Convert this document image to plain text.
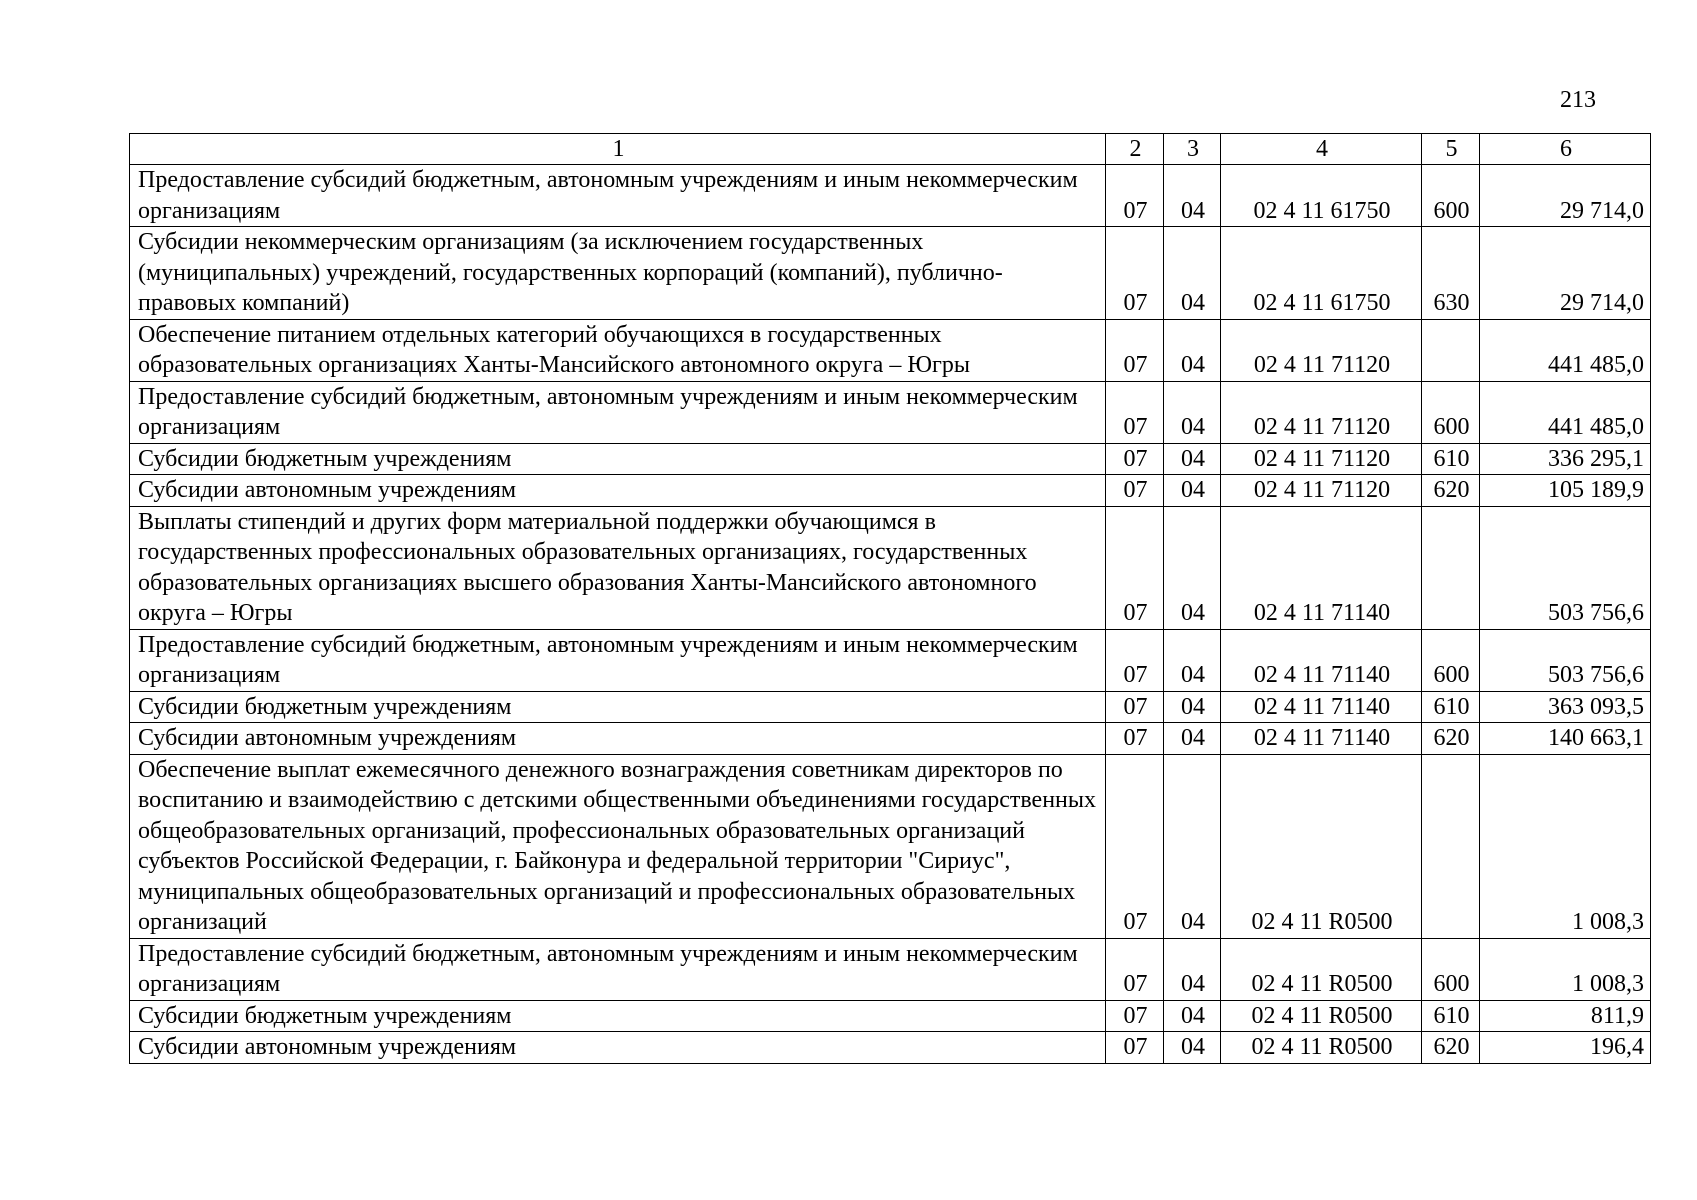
213
1	2	3	4	5	6
Предоставление субсидий бюджетным, автономным учреждениям и иным некоммерческим организациям	07	04	02 4 11 61750	600	29 714,0
Субсидии некоммерческим организациям (за исключением государственных (муниципальных) учреждений, государственных корпораций (компаний), публично-правовых компаний)	07	04	02 4 11 61750	630	29 714,0
Обеспечение питанием отдельных категорий обучающихся в государственных образовательных организациях Ханты-Мансийского автономного округа – Югры	07	04	02 4 11 71120		441 485,0
Предоставление субсидий бюджетным, автономным учреждениям и иным некоммерческим организациям	07	04	02 4 11 71120	600	441 485,0
Субсидии бюджетным учреждениям	07	04	02 4 11 71120	610	336 295,1
Субсидии автономным учреждениям	07	04	02 4 11 71120	620	105 189,9
Выплаты стипендий и других форм материальной поддержки обучающимся в государственных профессиональных образовательных организациях, государственных образовательных организациях высшего образования Ханты-Мансийского автономного округа – Югры	07	04	02 4 11 71140		503 756,6
Предоставление субсидий бюджетным, автономным учреждениям и иным некоммерческим организациям	07	04	02 4 11 71140	600	503 756,6
Субсидии бюджетным учреждениям	07	04	02 4 11 71140	610	363 093,5
Субсидии автономным учреждениям	07	04	02 4 11 71140	620	140 663,1
Обеспечение выплат ежемесячного денежного вознаграждения советникам директоров по воспитанию и взаимодействию с детскими общественными объединениями государственных общеобразовательных организаций, профессиональных образовательных организаций субъектов Российской Федерации, г. Байконура и федеральной территории "Сириус", муниципальных общеобразовательных организаций и профессиональных образовательных организаций	07	04	02 4 11 R0500		1 008,3
Предоставление субсидий бюджетным, автономным учреждениям и иным некоммерческим организациям	07	04	02 4 11 R0500	600	1 008,3
Субсидии бюджетным учреждениям	07	04	02 4 11 R0500	610	811,9
Субсидии автономным учреждениям	07	04	02 4 11 R0500	620	196,4
